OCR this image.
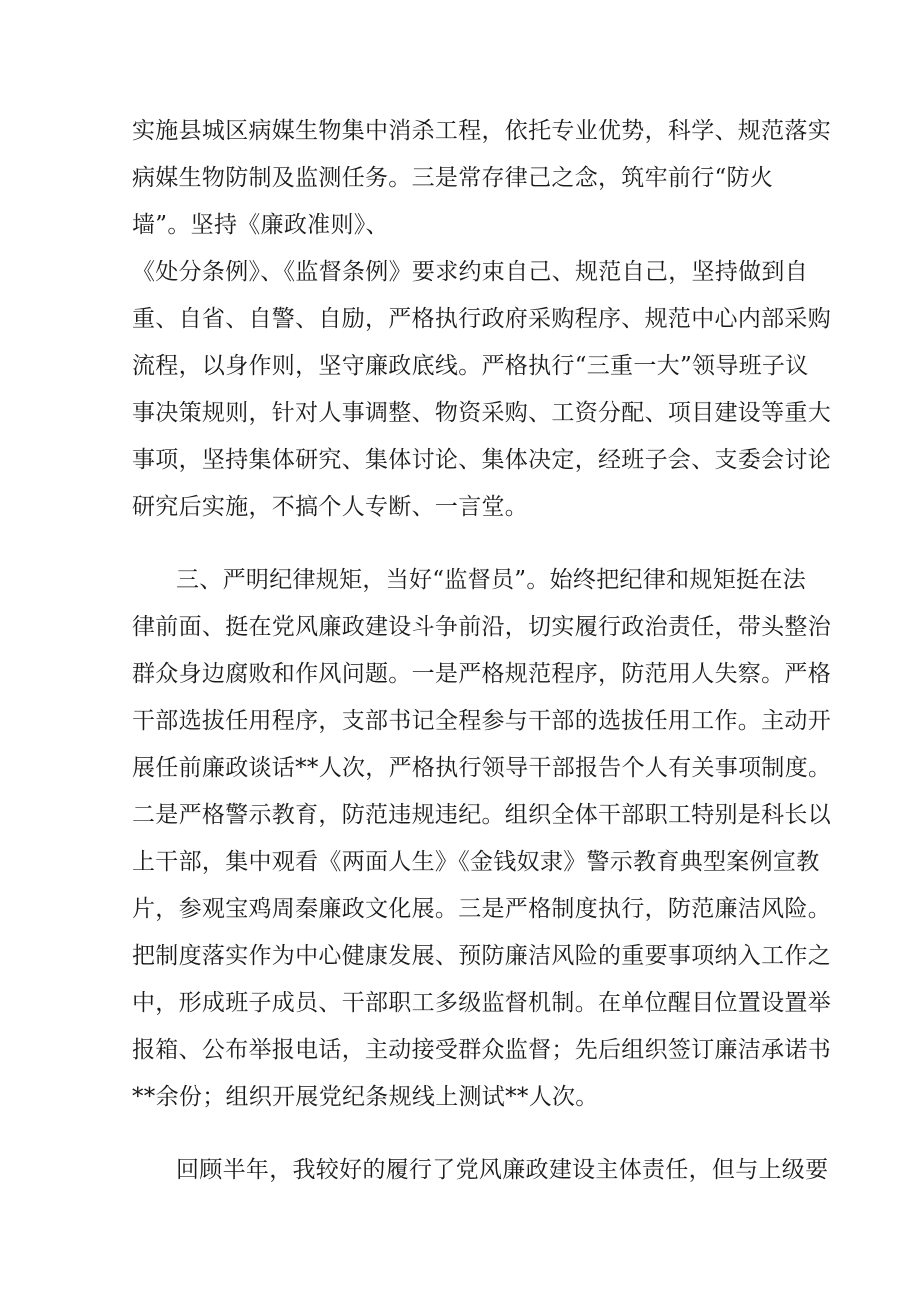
实施县城区病媒生物集中消杀工程，依托专业优势，科学、规范落实
病媒生物防制及监测任务。三是常存律己之念，筑牢前行“防火
墙”。坚持《廉政准则》、
《处分条例》、《监督条例》要求约束自己、规范自己，坚持做到自
重、自省、自警、自励，严格执行政府采购程序、规范中心内部采购
流程，以身作则，坚守廉政底线。严格执行“三重一大”领导班子议
事决策规则，针对人事调整、物资采购、工资分配、项目建设等重大
事项，坚持集体研究、集体讨论、集体决定，经班子会、支委会讨论
研究后实施，不搞个人专断、一言堂。
三、严明纪律规矩，当好“监督员”。始终把纪律和规矩挺在法
律前面、挺在党风廉政建设斗争前沿，切实履行政治责任，带头整治
群众身边腐败和作风问题。一是严格规范程序，防范用人失察。严格
干部选拔任用程序，支部书记全程参与干部的选拔任用工作。主动开
展任前廉政谈话**人次，严格执行领导干部报告个人有关事项制度。
二是严格警示教育，防范违规违纪。组织全体干部职工特别是科长以
上干部，集中观看《两面人生》《金钱奴隶》警示教育典型案例宣教
片，参观宝鸡周秦廉政文化展。三是严格制度执行，防范廉洁风险。
把制度落实作为中心健康发展、预防廉洁风险的重要事项纳入工作之
中，形成班子成员、干部职工多级监督机制。在单位醒目位置设置举
报箱、公布举报电话，主动接受群众监督；先后组织签订廉洁承诺书
**余份；组织开展党纪条规线上测试**人次。
回顾半年，我较好的履行了党风廉政建设主体责任，但与上级要
